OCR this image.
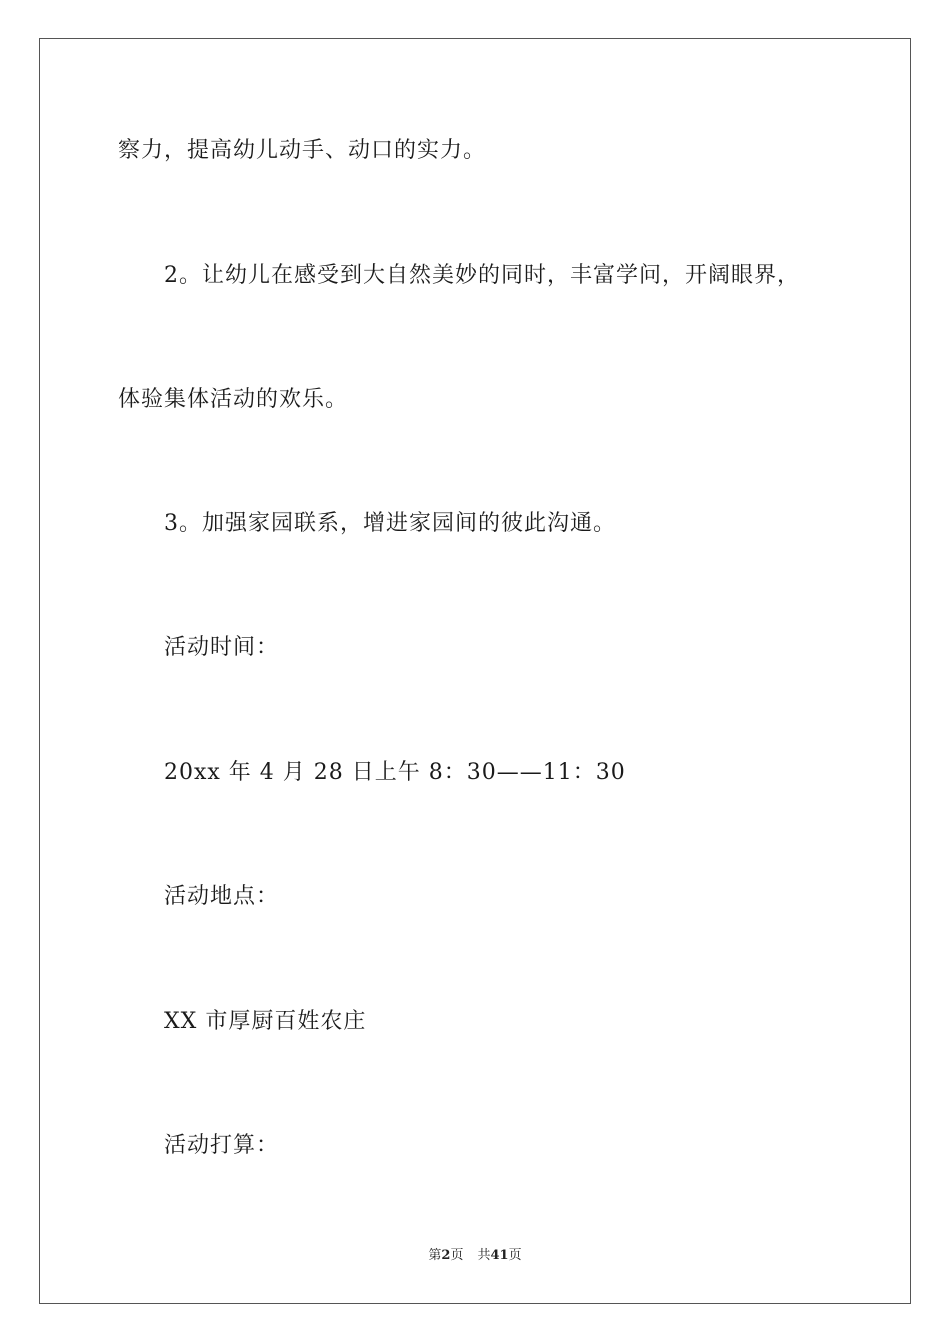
察力，提高幼儿动手、动口的实力。
2。让幼儿在感受到大自然美妙的同时，丰富学问，开阔眼界，
体验集体活动的欢乐。
3。加强家园联系，增进家园间的彼此沟通。
活动时间：
20xx 年 4 月 28 日上午 8：30——11：30
活动地点：
XX 市厚厨百姓农庄
活动打算：
第2页 共41页
